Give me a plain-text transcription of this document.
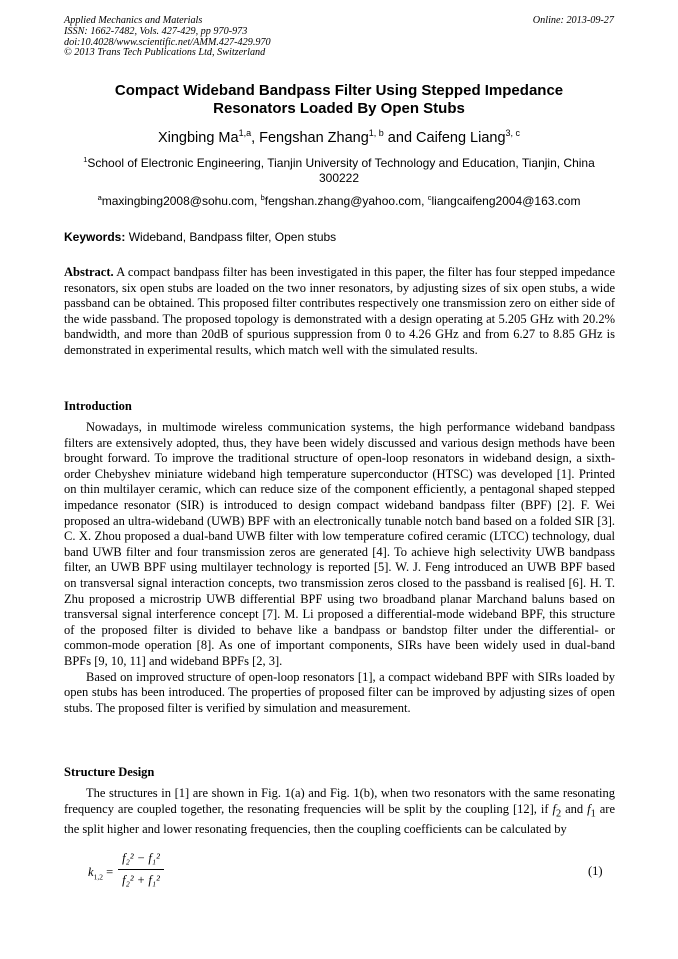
Applied Mechanics and Materials
ISSN: 1662-7482, Vols. 427-429, pp 970-973
doi:10.4028/www.scientific.net/AMM.427-429.970
© 2013 Trans Tech Publications Ltd, Switzerland
Online: 2013-09-27
Compact Wideband Bandpass Filter Using Stepped Impedance
Resonators Loaded By Open Stubs
Xingbing Ma$^{1,a}$, Fengshan Zhang$^{1, b}$ and Caifeng Liang$^{3, c}$
$^1$School of Electronic Engineering, Tianjin University of Technology and Education, Tianjin, China 300222
$^a$maxingbing2008@sohu.com, $^b$fengshan.zhang@yahoo.com, $^c$liangcaifeng2004@163.com
Keywords: Wideband, Bandpass filter, Open stubs

Abstract. A compact bandpass filter has been investigated in this paper, the filter has four stepped impedance resonators, six open stubs are loaded on the two inner resonators, by adjusting sizes of six open stubs, a wide passband can be obtained. This proposed filter contributes respectively one transmission zero on either side of the wide passband. The proposed topology is demonstrated with a design operating at 5.205 GHz with 20.2% bandwidth, and more than 20dB of spurious suppression from 0 to 4.26 GHz and from 6.27 to 8.85 GHz is demonstrated in experimental results, which match well with the simulated results.

Introduction

Nowadays, in multimode wireless communication systems, the high performance wideband bandpass filters are extensively adopted, thus, they have been widely discussed and various design methods have been brought forward. To improve the traditional structure of open-loop resonators in wideband design, a sixth-order Chebyshev miniature wideband high temperature superconductor (HTSC) was developed [1]. Printed on thin multilayer ceramic, which can reduce size of the component efficiently, a pentagonal shaped stepped impedance resonator (SIR) is introduced to design compact wideband bandpass filter (BPF) [2]. F. Wei proposed an ultra-wideband (UWB) BPF with an electronically tunable notch band based on a folded SIR [3]. C. X. Zhou proposed a dual-band UWB filter with low temperature cofired ceramic (LTCC) technology, dual band UWB filter and four transmission zeros are generated [4]. To achieve high selectivity UWB bandpass filter, an UWB BPF using multilayer technology is reported [5]. W. J. Feng introduced an UWB BPF based on transversal signal interaction concepts, two transmission zeros closed to the passband is realised [6]. H. T. Zhu proposed a microstrip UWB differential BPF using two broadband planar Marchand baluns based on transversal signal interference concept [7]. M. Li proposed a differential-mode wideband BPF, this structure of the proposed filter is divided to behave like a bandpass or bandstop filter under the differential- or common-mode operation [8]. As one of important components, SIRs have been widely used in dual-band BPFs [9, 10, 11] and wideband BPFs [2, 3].

Based on improved structure of open-loop resonators [1], a compact wideband BPF with SIRs loaded by open stubs has been introduced. The properties of proposed filter can be improved by adjusting sizes of open stubs. The proposed filter is verified by simulation and measurement.

Structure Design

The structures in [1] are shown in Fig. 1(a) and Fig. 1(b), when two resonators with the same resonating frequency are coupled together, the resonating frequencies will be split by the coupling [12], if $f_2$ and $f_1$ are the split higher and lower resonating frequencies, then the coupling coefficients can be calculated by

$k_{1,2}$ =
f₂² − f₁²
f₂² + f₁²
(1)
